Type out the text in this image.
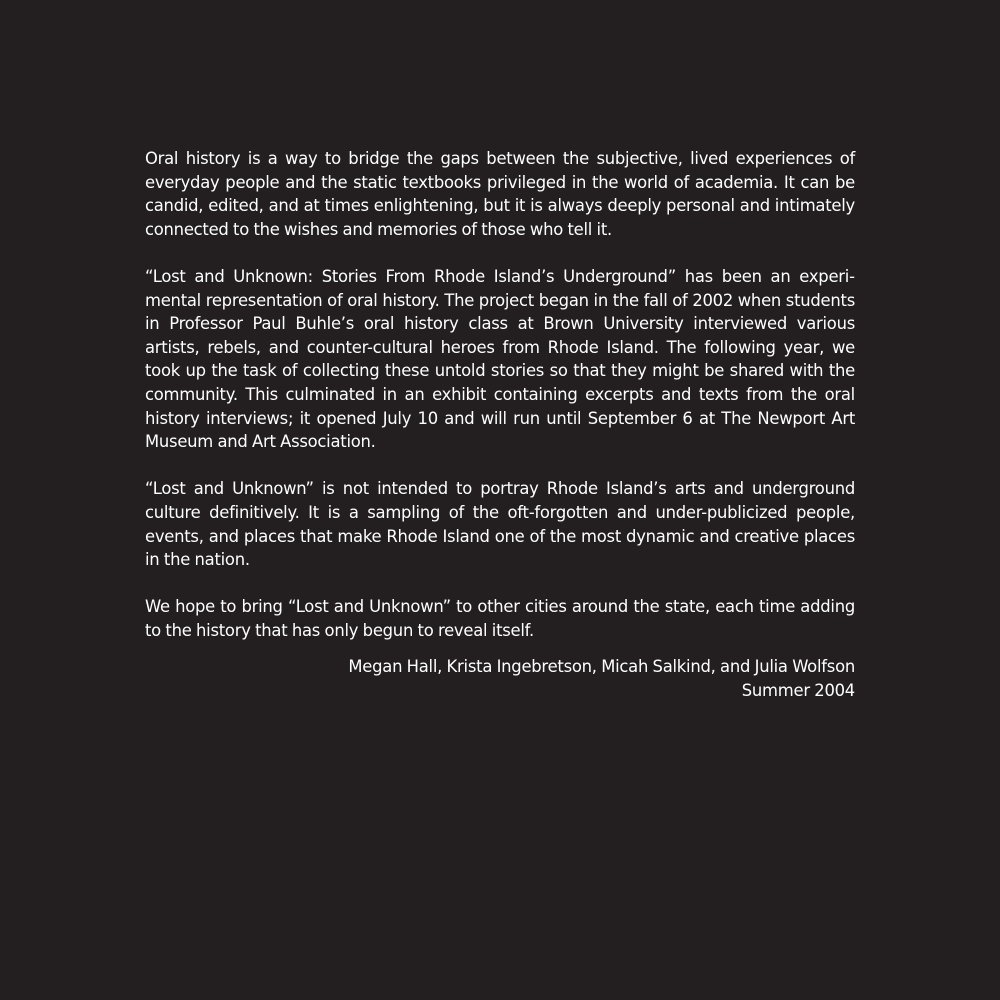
Oral history is a way to bridge the gaps between the subjective, lived experiences of everyday people and the static textbooks privileged in the world of academia. It can be candid, edited, and at times enlightening, but it is always deeply personal and intimately connected to the wishes and memories of those who tell it.

“Lost and Unknown: Stories From Rhode Island’s Underground” has been an experimental representation of oral history. The project began in the fall of 2002 when students in Professor Paul Buhle’s oral history class at Brown University interviewed various artists, rebels, and counter-cultural heroes from Rhode Island. The following year, we took up the task of collecting these untold stories so that they might be shared with the community. This culminated in an exhibit containing excerpts and texts from the oral history interviews; it opened July 10 and will run until September 6 at The Newport Art Museum and Art Association.

“Lost and Unknown” is not intended to portray Rhode Island’s arts and underground culture definitively. It is a sampling of the oft-forgotten and under-publicized people, events, and places that make Rhode Island one of the most dynamic and creative places in the nation.

We hope to bring “Lost and Unknown” to other cities around the state, each time adding to the history that has only begun to reveal itself.

Megan Hall, Krista Ingebretson, Micah Salkind, and Julia Wolfson
Summer 2004
